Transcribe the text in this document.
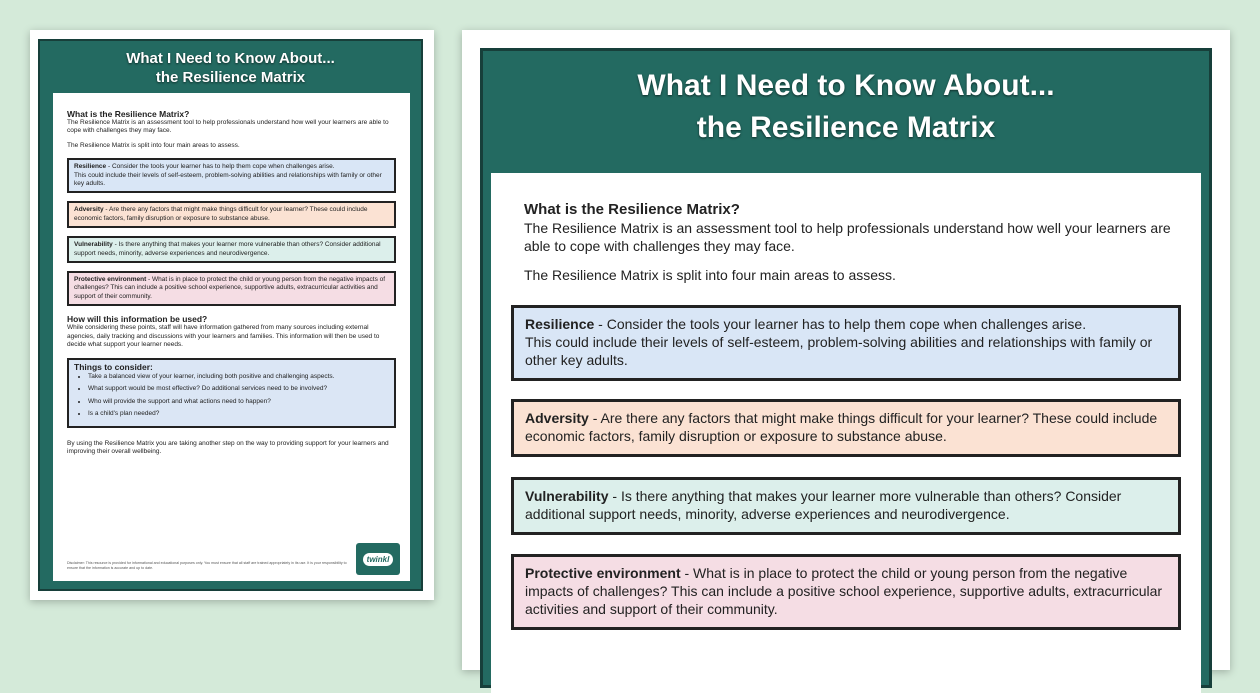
What I Need to Know About...
the Resilience Matrix

What is the Resilience Matrix?

The Resilience Matrix is an assessment tool to help professionals understand how well your learners are able to cope with challenges they may face.

The Resilience Matrix is split into four main areas to assess.

Resilience - Consider the tools your learner has to help them cope when challenges arise.
This could include their levels of self-esteem, problem-solving abilities and relationships with family or other key adults.
Adversity - Are there any factors that might make things difficult for your learner? These could include economic factors, family disruption or exposure to substance abuse.
Vulnerability - Is there anything that makes your learner more vulnerable than others? Consider additional support needs, minority, adverse experiences and neurodivergence.
Protective environment - What is in place to protect the child or young person from the negative impacts of challenges? This can include a positive school experience, supportive adults, extracurricular activities and support of their community.

How will this information be used?

While considering these points, staff will have information gathered from many sources including external agencies, daily tracking and discussions with your learners and families. This information will then be used to decide what support your learner needs.

Things to consider:

• Take a balanced view of your learner, including both positive and challenging aspects.
• What support would be most effective? Do additional services need to be involved?
• Who will provide the support and what actions need to happen?
• Is a child's plan needed?

By using the Resilience Matrix you are taking another step on the way to providing support for your learners and improving their overall wellbeing.

Disclaimer: This resource is provided for informational and educational purposes only. You must ensure that all staff are trained appropriately in its use. It is your responsibility to ensure that the information is accurate and up to date.
twinkl
What I Need to Know About...
the Resilience Matrix

What is the Resilience Matrix?

The Resilience Matrix is an assessment tool to help professionals understand how well your learners are able to cope with challenges they may face.

The Resilience Matrix is split into four main areas to assess.

Resilience - Consider the tools your learner has to help them cope when challenges arise.
This could include their levels of self-esteem, problem-solving abilities and relationships with family or other key adults.
Adversity - Are there any factors that might make things difficult for your learner? These could include economic factors, family disruption or exposure to substance abuse.
Vulnerability - Is there anything that makes your learner more vulnerable than others? Consider additional support needs, minority, adverse experiences and neurodivergence.
Protective environment - What is in place to protect the child or young person from the negative impacts of challenges? This can include a positive school experience, supportive adults, extracurricular activities and support of their community.
